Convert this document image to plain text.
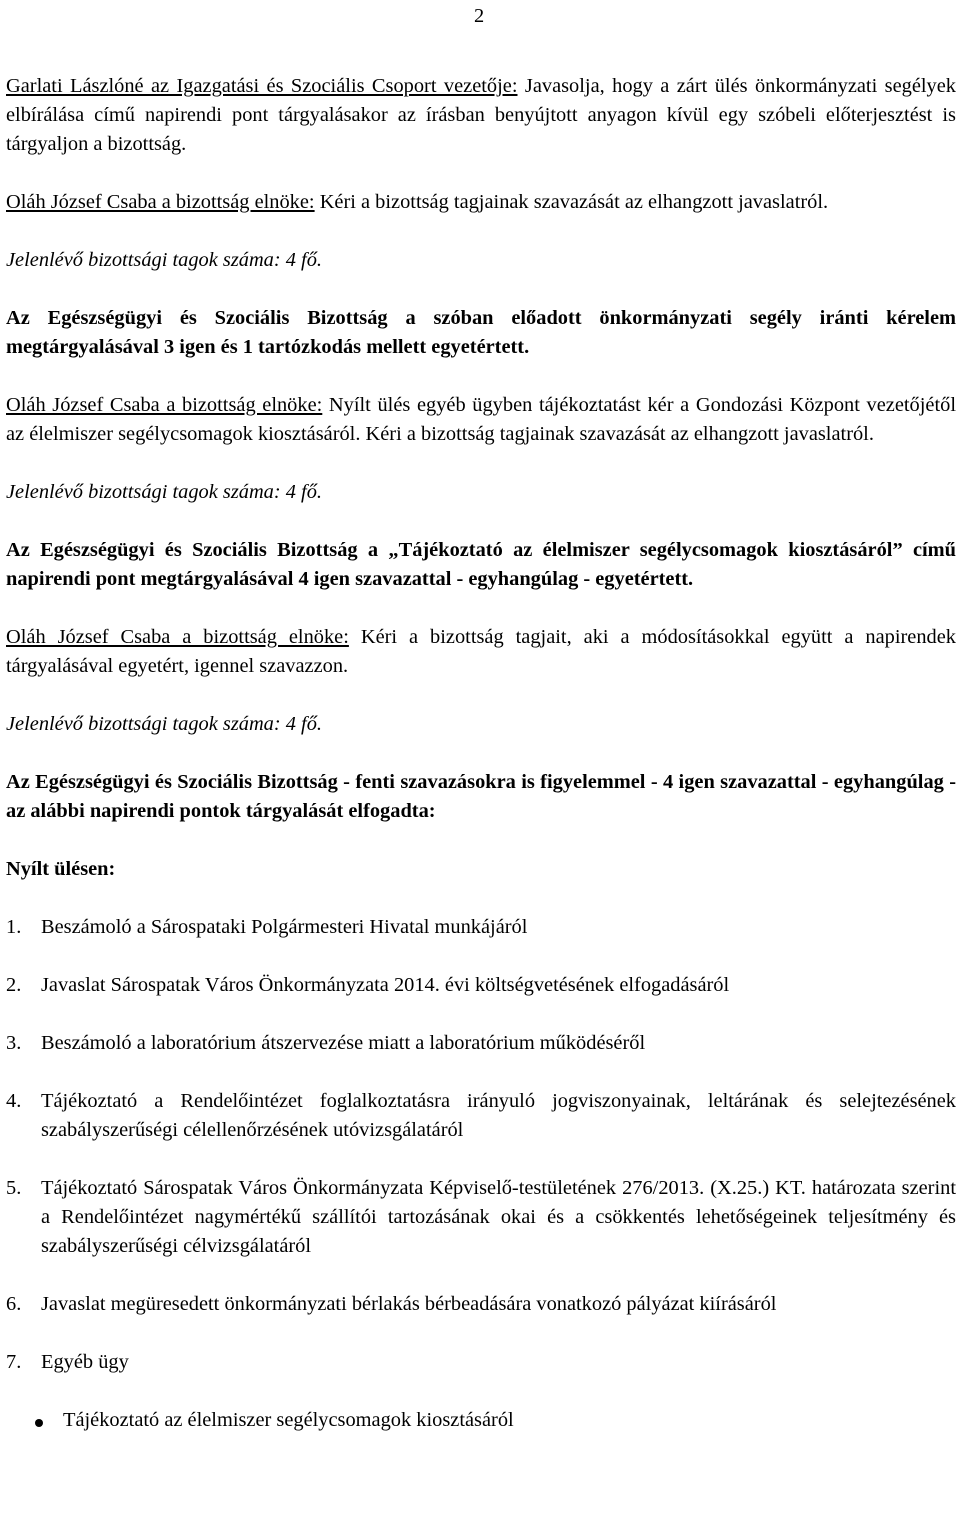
2

Garlati Lászlóné az Igazgatási és Szociális Csoport vezetője: Javasolja, hogy a zárt ülés önkormányzati segélyek elbírálása című napirendi pont tárgyalásakor az írásban benyújtott anyagon kívül egy szóbeli előterjesztést is tárgyaljon a bizottság.

Oláh József Csaba a bizottság elnöke: Kéri a bizottság tagjainak szavazását az elhangzott javaslatról.

Jelenlévő bizottsági tagok száma: 4 fő.

Az Egészségügyi és Szociális Bizottság a szóban előadott önkormányzati segély iránti kérelem megtárgyalásával 3 igen és 1 tartózkodás mellett egyetértett.

Oláh József Csaba a bizottság elnöke: Nyílt ülés egyéb ügyben tájékoztatást kér a Gondozási Központ vezetőjétől az élelmiszer segélycsomagok kiosztásáról. Kéri a bizottság tagjainak szavazását az elhangzott javaslatról.

Jelenlévő bizottsági tagok száma: 4 fő.

Az Egészségügyi és Szociális Bizottság a „Tájékoztató az élelmiszer segélycsomagok kiosztásáról” című napirendi pont megtárgyalásával 4 igen szavazattal - egyhangúlag - egyetértett.

Oláh József Csaba a bizottság elnöke: Kéri a bizottság tagjait, aki a módosításokkal együtt a napirendek tárgyalásával egyetért, igennel szavazzon.

Jelenlévő bizottsági tagok száma: 4 fő.

Az Egészségügyi és Szociális Bizottság - fenti szavazásokra is figyelemmel - 4 igen szavazattal - egyhangúlag - az alábbi napirendi pontok tárgyalását elfogadta:

Nyílt ülésen:

1. Beszámoló a Sárospataki Polgármesteri Hivatal munkájáról
2. Javaslat Sárospatak Város Önkormányzata 2014. évi költségvetésének elfogadásáról
3. Beszámoló a laboratórium átszervezése miatt a laboratórium működéséről
4. Tájékoztató a Rendelőintézet foglalkoztatásra irányuló jogviszonyainak, leltárának és selejtezésének szabályszerűségi célellenőrzésének utóvizsgálatáról
5. Tájékoztató Sárospatak Város Önkormányzata Képviselő-testületének 276/2013. (X.25.) KT. határozata szerint a Rendelőintézet nagymértékű szállítói tartozásának okai és a csökkentés lehetőségeinek teljesítmény és szabályszerűségi célvizsgálatáról
6. Javaslat megüresedett önkormányzati bérlakás bérbeadására vonatkozó pályázat kiírásáról
7. Egyéb ügy
Tájékoztató az élelmiszer segélycsomagok kiosztásáról
